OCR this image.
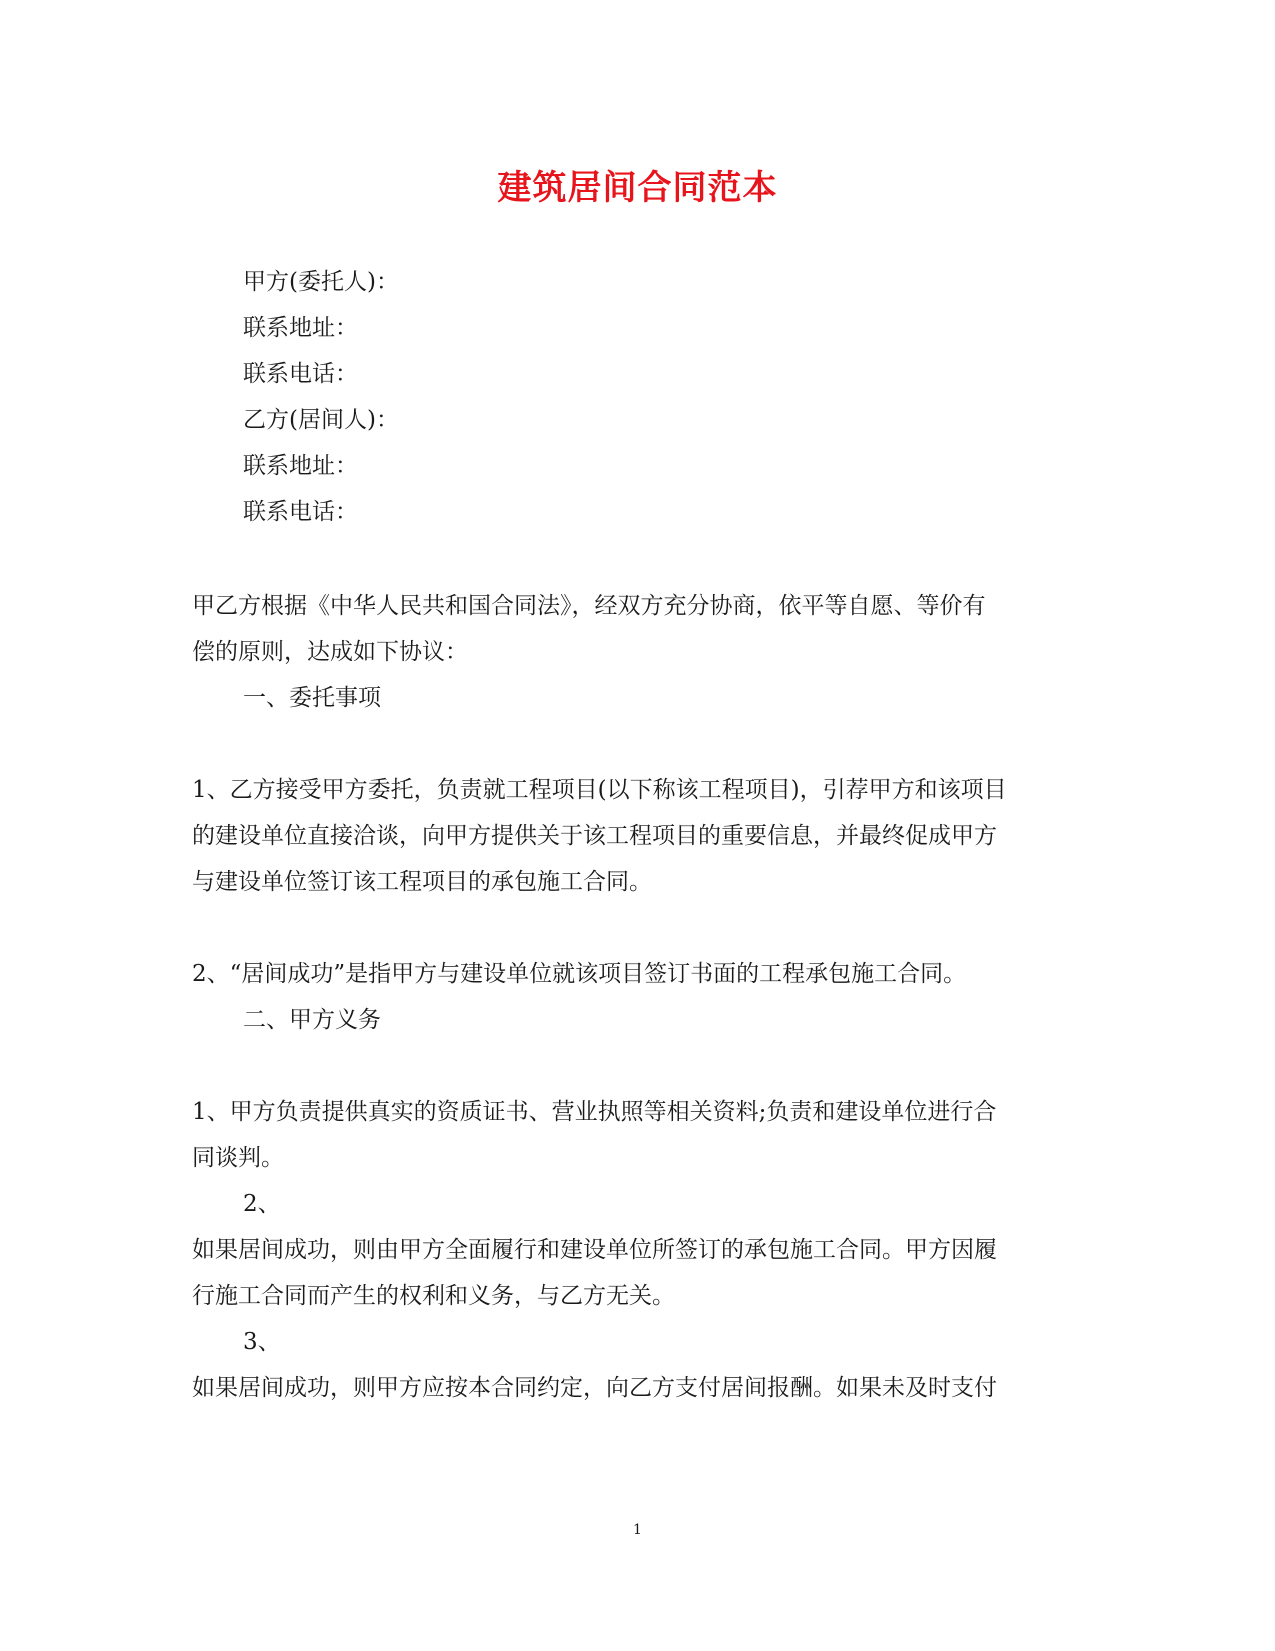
建筑居间合同范本
甲方(委托人)：
联系地址：
联系电话：
乙方(居间人)：
联系地址：
联系电话：
甲乙方根据《中华人民共和国合同法》，经双方充分协商，依平等自愿、等价有
偿的原则，达成如下协议：
一、委托事项
1、乙方接受甲方委托，负责就工程项目(以下称该工程项目)，引荐甲方和该项目
的建设单位直接洽谈，向甲方提供关于该工程项目的重要信息，并最终促成甲方
与建设单位签订该工程项目的承包施工合同。
2、“居间成功”是指甲方与建设单位就该项目签订书面的工程承包施工合同。
二、甲方义务
1、甲方负责提供真实的资质证书、营业执照等相关资料;负责和建设单位进行合
同谈判。
2、
如果居间成功，则由甲方全面履行和建设单位所签订的承包施工合同。甲方因履
行施工合同而产生的权利和义务，与乙方无关。
3、
如果居间成功，则甲方应按本合同约定，向乙方支付居间报酬。如果未及时支付
1
